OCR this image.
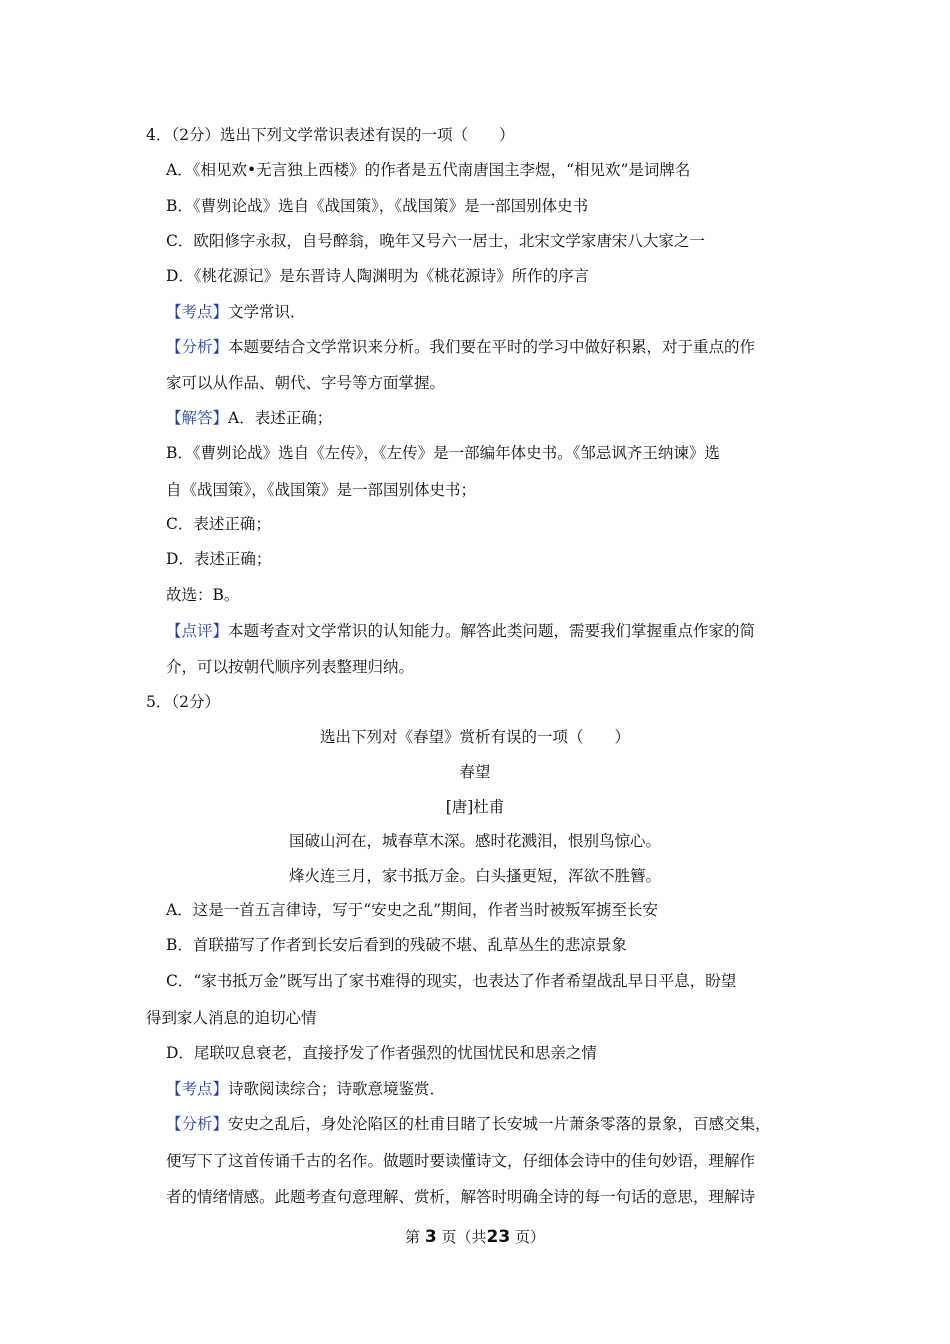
4．（2分）选出下列文学常识表述有误的一项（　　）
A．《相见欢•无言独上西楼》的作者是五代南唐国主李煜，“相见欢”是词牌名
B．《曹刿论战》选自《战国策》，《战国策》是一部国别体史书
C．欧阳修字永叔，自号醉翁，晚年又号六一居士，北宋文学家唐宋八大家之一
D．《桃花源记》是东晋诗人陶渊明为《桃花源诗》所作的序言
【考点】文学常识．
【分析】本题要结合文学常识来分析。我们要在平时的学习中做好积累，对于重点的作
家可以从作品、朝代、字号等方面掌握。
【解答】A．表述正确；
B．《曹刿论战》选自《左传》，《左传》是一部编年体史书。《邹忌讽齐王纳谏》选
自《战国策》，《战国策》是一部国别体史书；
C．表述正确；
D．表述正确；
故选：B。
【点评】本题考查对文学常识的认知能力。解答此类问题，需要我们掌握重点作家的简
介，可以按朝代顺序列表整理归纳。
5．（2分）
选出下列对《春望》赏析有误的一项（　　）
春望
[唐]杜甫
国破山河在，城春草木深。感时花溅泪，恨别鸟惊心。
烽火连三月，家书抵万金。白头搔更短，浑欲不胜簪。
A．这是一首五言律诗，写于“安史之乱”期间，作者当时被叛军掳至长安
B．首联描写了作者到长安后看到的残破不堪、乱草丛生的悲凉景象
C．“家书抵万金”既写出了家书难得的现实，也表达了作者希望战乱早日平息，盼望
得到家人消息的迫切心情
D．尾联叹息衰老，直接抒发了作者强烈的忧国忧民和思亲之情
【考点】诗歌阅读综合；诗歌意境鉴赏．
【分析】安史之乱后，身处沦陷区的杜甫目睹了长安城一片萧条零落的景象，百感交集，
便写下了这首传诵千古的名作。做题时要读懂诗文，仔细体会诗中的佳句妙语，理解作
者的情绪情感。此题考查句意理解、赏析，解答时明确全诗的每一句话的意思，理解诗
第 3 页（共23 页）
